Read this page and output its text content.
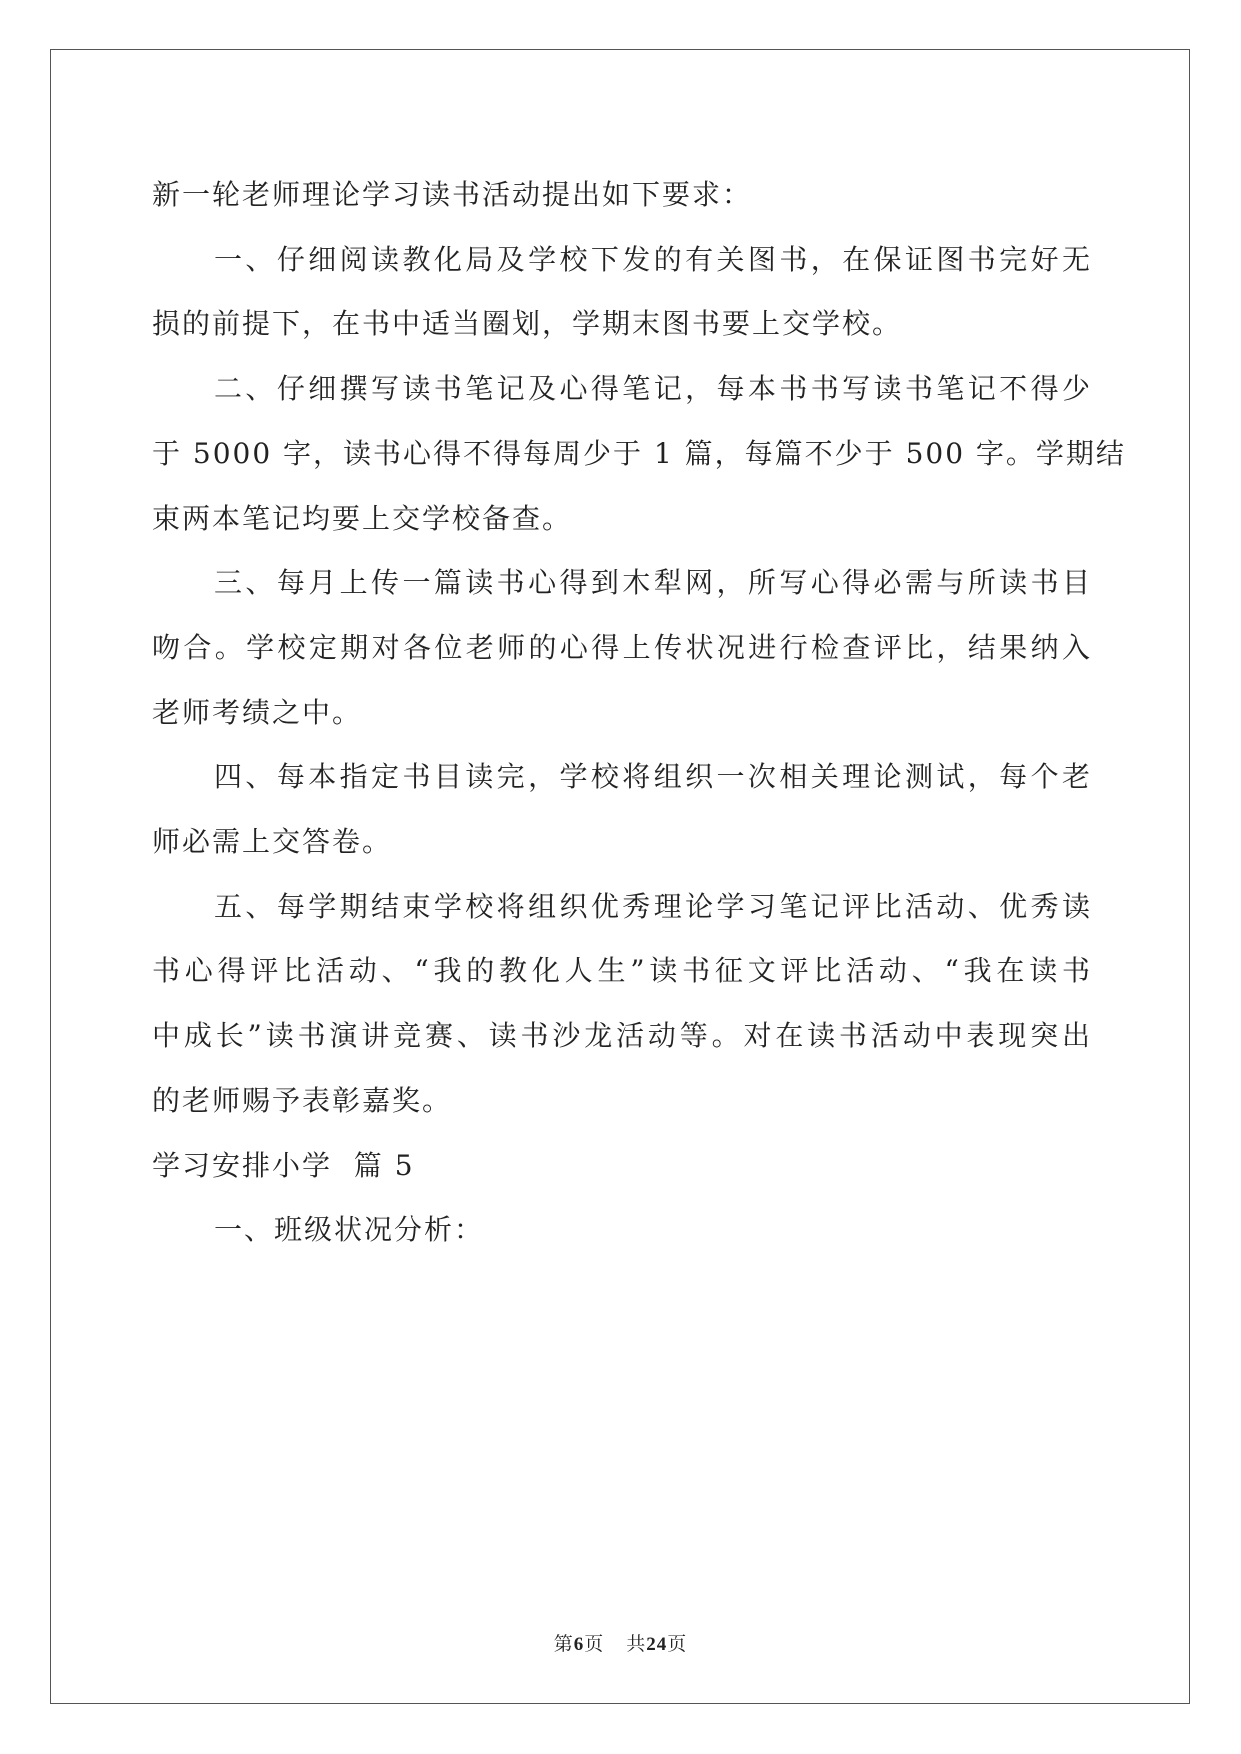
新一轮老师理论学习读书活动提出如下要求：

一、仔细阅读教化局及学校下发的有关图书，在保证图书完好无

损的前提下，在书中适当圈划，学期末图书要上交学校。

二、仔细撰写读书笔记及心得笔记，每本书书写读书笔记不得少

于 5000 字，读书心得不得每周少于 1 篇，每篇不少于 500 字。学期结

束两本笔记均要上交学校备查。

三、每月上传一篇读书心得到木犁网，所写心得必需与所读书目

吻合。学校定期对各位老师的心得上传状况进行检查评比，结果纳入

老师考绩之中。

四、每本指定书目读完，学校将组织一次相关理论测试，每个老

师必需上交答卷。

五、每学期结束学校将组织优秀理论学习笔记评比活动、优秀读

书心得评比活动、“我的教化人生”读书征文评比活动、“我在读书

中成长”读书演讲竞赛、读书沙龙活动等。对在读书活动中表现突出

的老师赐予表彰嘉奖。

学习安排小学  篇 5

一、班级状况分析：

第6页 共24页
